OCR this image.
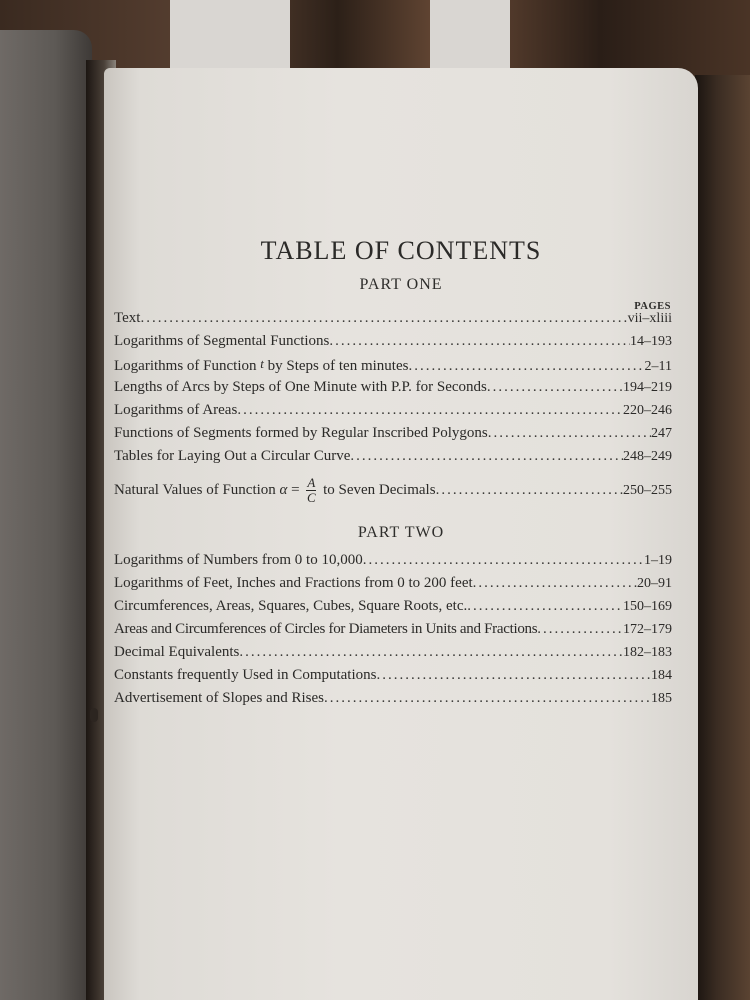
TABLE OF CONTENTS
PART ONE
PAGES
Text .....	vii–xliii
Logarithms of Segmental Functions .....	14–193
Logarithms of Function t by Steps of ten minutes .....	2–11
Lengths of Arcs by Steps of One Minute with P.P. for Seconds .....	194–219
Logarithms of Areas .....	220–246
Functions of Segments formed by Regular Inscribed Polygons .....	247
Tables for Laying Out a Circular Curve .....	248–249
Natural Values of Function $\alpha = \frac{A}{C}$ to Seven Decimals .....	250–255
PART TWO
Logarithms of Numbers from 0 to 10,000 .....	1–19
Logarithms of Feet, Inches and Fractions from 0 to 200 feet .....	20–91
Circumferences, Areas, Squares, Cubes, Square Roots, etc. .....	150–169
Areas and Circumferences of Circles for Diameters in Units and Fractions .....	172–179
Decimal Equivalents .....	182–183
Constants frequently Used in Computations .....	184
Advertisement of Slopes and Rises .....	185
